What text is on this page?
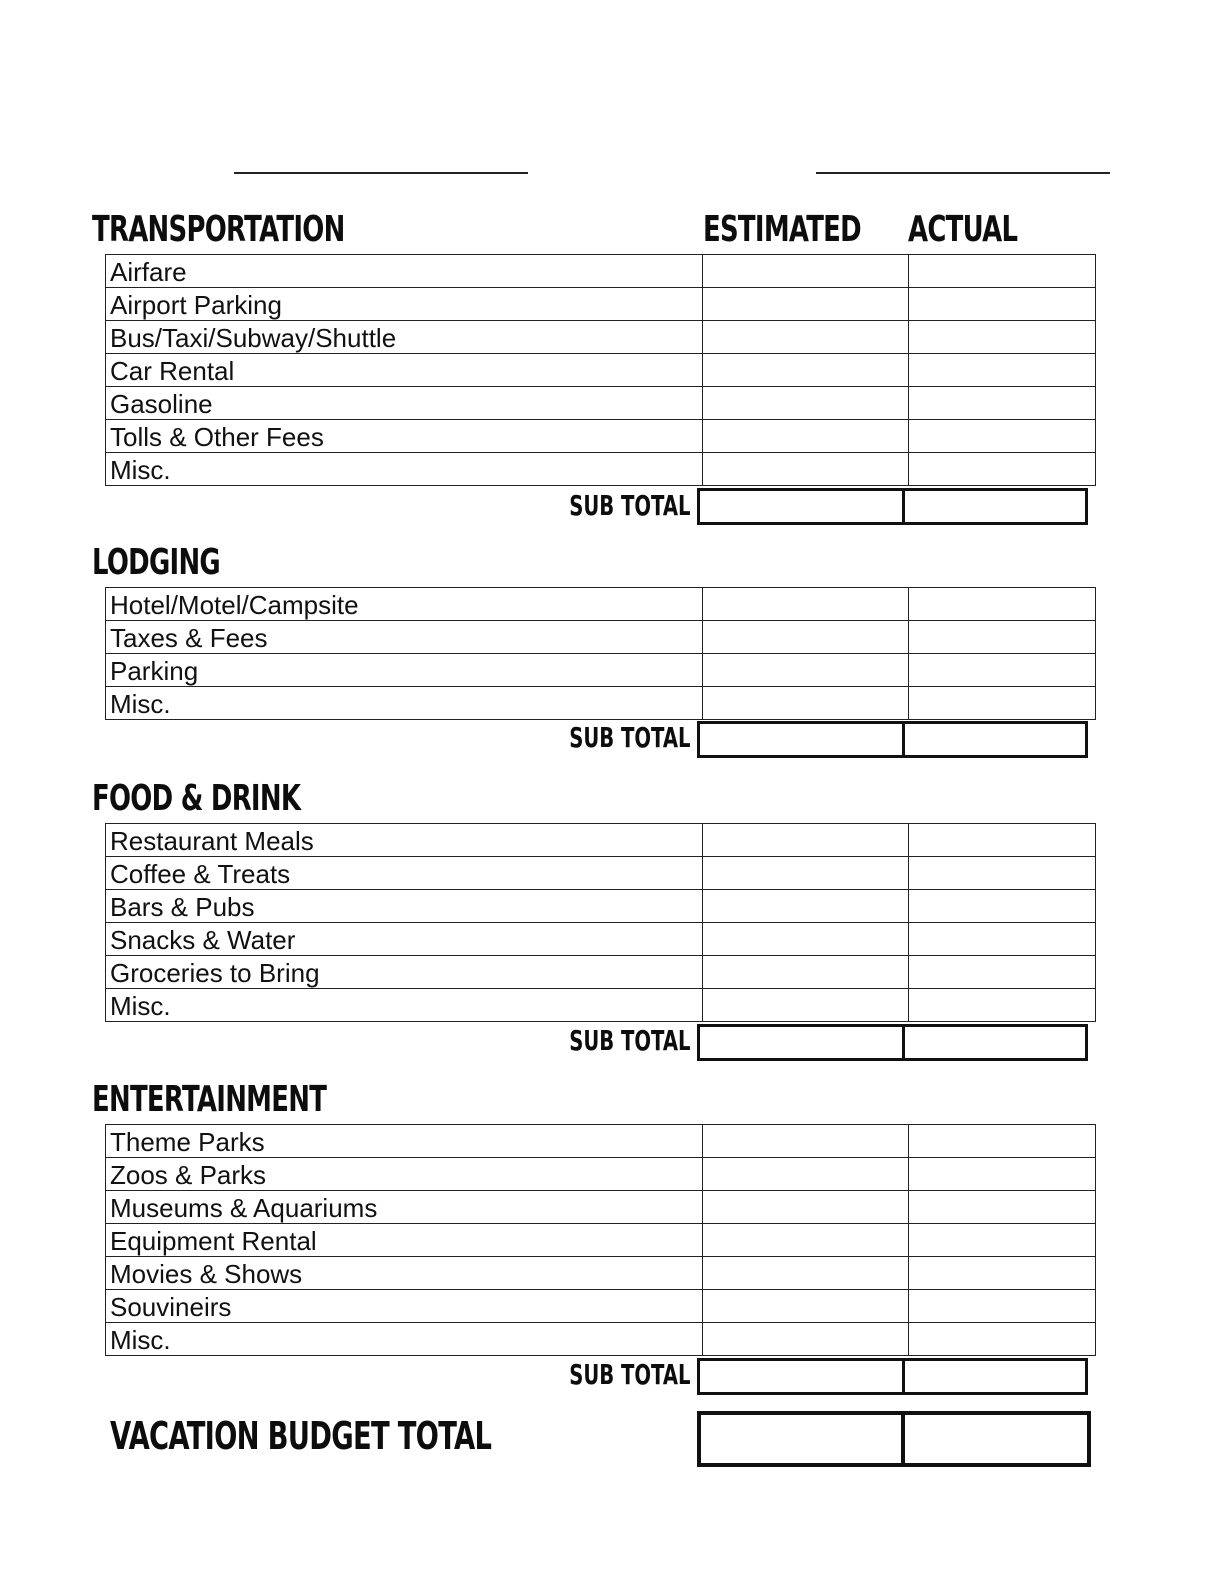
TRANSPORTATION	ESTIMATED ACTUAL
Airfare		
Airport Parking		
Bus/Taxi/Subway/Shuttle		
Car Rental		
Gasoline		
Tolls & Other Fees		
Misc.		
SUB TOTAL
LODGING
Hotel/Motel/Campsite		
Taxes & Fees		
Parking		
Misc.		
SUB TOTAL
FOOD & DRINK
Restaurant Meals		
Coffee & Treats		
Bars & Pubs		
Snacks & Water		
Groceries to Bring		
Misc.		
SUB TOTAL
ENTERTAINMENT
Theme Parks		
Zoos & Parks		
Museums & Aquariums		
Equipment Rental		
Movies & Shows		
Souvineirs		
Misc.		
SUB TOTAL
VACATION BUDGET TOTAL
